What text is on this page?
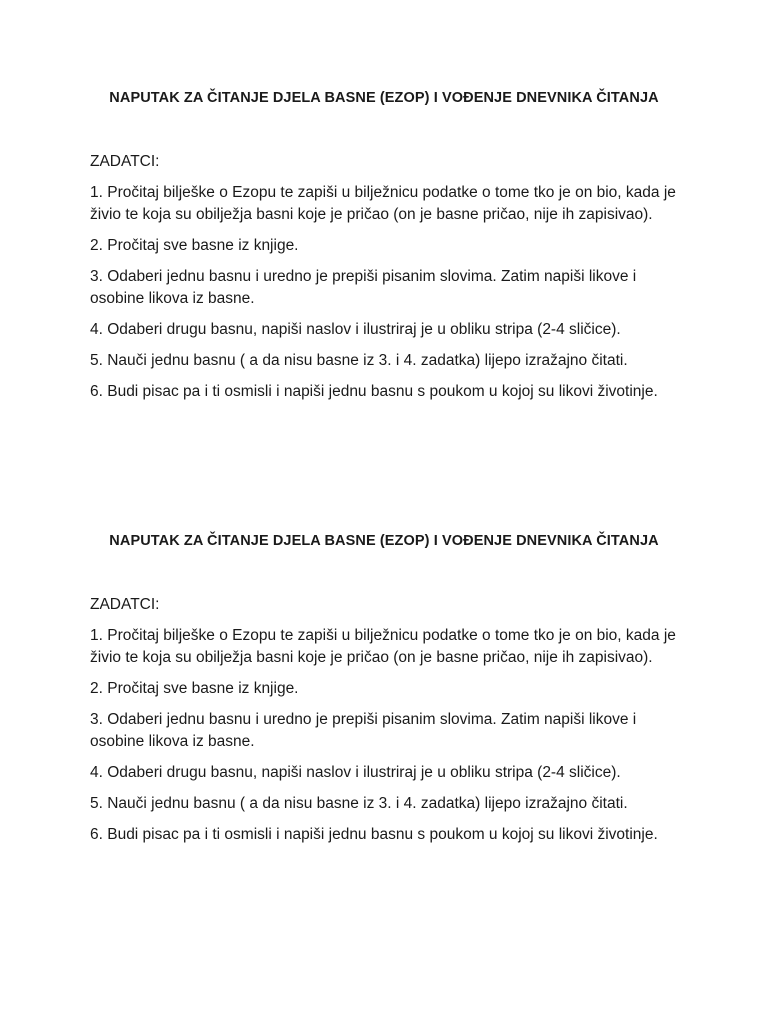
NAPUTAK ZA ČITANJE DJELA BASNE (EZOP) I VOĐENJE DNEVNIKA ČITANJA

ZADATCI:

1. Pročitaj bilješke o Ezopu te zapiši u bilježnicu podatke o tome tko je on bio, kada je živio te koja su obilježja basni koje je pričao (on je basne pričao, nije ih zapisivao).

2. Pročitaj sve basne iz knjige.

3. Odaberi jednu basnu i uredno je prepiši pisanim slovima. Zatim napiši likove i osobine likova iz basne.

4. Odaberi drugu basnu, napiši naslov i ilustriraj je u obliku stripa (2-4 sličice).

5. Nauči jednu basnu ( a da nisu basne iz 3. i 4. zadatka) lijepo izražajno čitati.

6. Budi pisac pa i ti osmisli i napiši jednu basnu s poukom u kojoj su likovi životinje.

NAPUTAK ZA ČITANJE DJELA BASNE (EZOP) I VOĐENJE DNEVNIKA ČITANJA

ZADATCI:

1. Pročitaj bilješke o Ezopu te zapiši u bilježnicu podatke o tome tko je on bio, kada je živio te koja su obilježja basni koje je pričao (on je basne pričao, nije ih zapisivao).

2. Pročitaj sve basne iz knjige.

3. Odaberi jednu basnu i uredno je prepiši pisanim slovima. Zatim napiši likove i osobine likova iz basne.

4. Odaberi drugu basnu, napiši naslov i ilustriraj je u obliku stripa (2-4 sličice).

5. Nauči jednu basnu ( a da nisu basne iz 3. i 4. zadatka) lijepo izražajno čitati.

6. Budi pisac pa i ti osmisli i napiši jednu basnu s poukom u kojoj su likovi životinje.
